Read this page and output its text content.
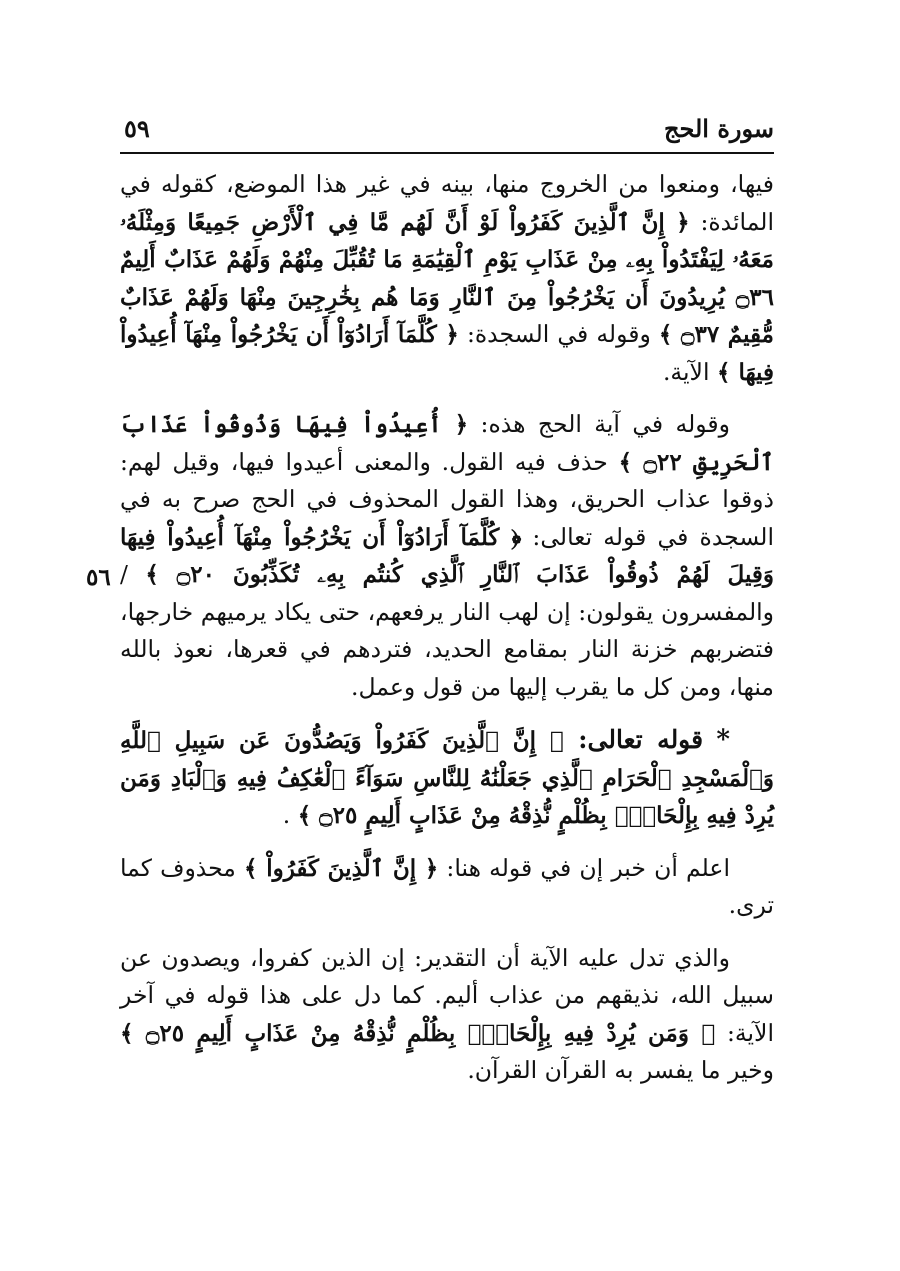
سورة الحج
٥٩
٥٦

فيها، ومنعوا من الخروج منها، بينه في غير هذا الموضع، كقوله في المائدة: ﴿ إِنَّ ٱلَّذِينَ كَفَرُواْ لَوْ أَنَّ لَهُم مَّا فِي ٱلْأَرْضِ جَمِيعًا وَمِثْلَهُۥ مَعَهُۥ لِيَفْتَدُواْ بِهِۦ مِنْ عَذَابِ يَوْمِ ٱلْقِيَٰمَةِ مَا تُقُبِّلَ مِنْهُمْ وَلَهُمْ عَذَابٌ أَلِيمٌ ۝٣٦ يُرِيدُونَ أَن يَخْرُجُواْ مِنَ ٱلنَّارِ وَمَا هُم بِخَٰرِجِينَ مِنْهَا وَلَهُمْ عَذَابٌ مُّقِيمٌ ۝٣٧ ﴾ وقوله في السجدة: ﴿ كُلَّمَآ أَرَادُوٓاْ أَن يَخْرُجُواْ مِنْهَآ أُعِيدُواْ فِيهَا ﴾ الآية.

وقوله في آية الحج هذه: ﴿ أُعِيدُواْ فِيهَا وَذُوقُواْ عَذَابَ ٱلْحَرِيقِ ۝٢٢ ﴾ حذف فيه القول. والمعنى أعيدوا فيها، وقيل لهم: ذوقوا عذاب الحريق، وهذا القول المحذوف في الحج صرح به في السجدة في قوله تعالى: ﴿ كُلَّمَآ أَرَادُوٓاْ أَن يَخْرُجُواْ مِنْهَآ أُعِيدُواْ فِيهَا وَقِيلَ لَهُمْ ذُوقُواْ عَذَابَ ٱلنَّارِ ٱلَّذِي كُنتُم بِهِۦ تُكَذِّبُونَ ۝٢٠ ﴾ /والمفسرون يقولون: إن لهب النار يرفعهم، حتى يكاد يرميهم خارجها، فتضربهم خزنة النار بمقامع الحديد، فتردهم في قعرها، نعوذ بالله منها، ومن كل ما يقرب إليها من قول وعمل.

* قوله تعالى: ﴿ إِنَّ ٱلَّذِينَ كَفَرُواْ وَيَصُدُّونَ عَن سَبِيلِ ٱللَّهِ وَٱلْمَسْجِدِ ٱلْحَرَامِ ٱلَّذِي جَعَلْنَٰهُ لِلنَّاسِ سَوَآءً ٱلْعَٰكِفُ فِيهِ وَٱلْبَادِ وَمَن يُرِدْ فِيهِ بِإِلْحَادٍۭ بِظُلْمٍ نُّذِقْهُ مِنْ عَذَابٍ أَلِيمٍ ۝٢٥ ﴾ .

اعلم أن خبر إن في قوله هنا: ﴿ إِنَّ ٱلَّذِينَ كَفَرُواْ ﴾ محذوف كما ترى.

والذي تدل عليه الآية أن التقدير: إن الذين كفروا، ويصدون عن سبيل الله، نذيقهم من عذاب أليم. كما دل على هذا قوله في آخر الآية: ﴿ وَمَن يُرِدْ فِيهِ بِإِلْحَادٍۭ بِظُلْمٍ نُّذِقْهُ مِنْ عَذَابٍ أَلِيمٍ ۝٢٥ ﴾ وخير ما يفسر به القرآن القرآن.
